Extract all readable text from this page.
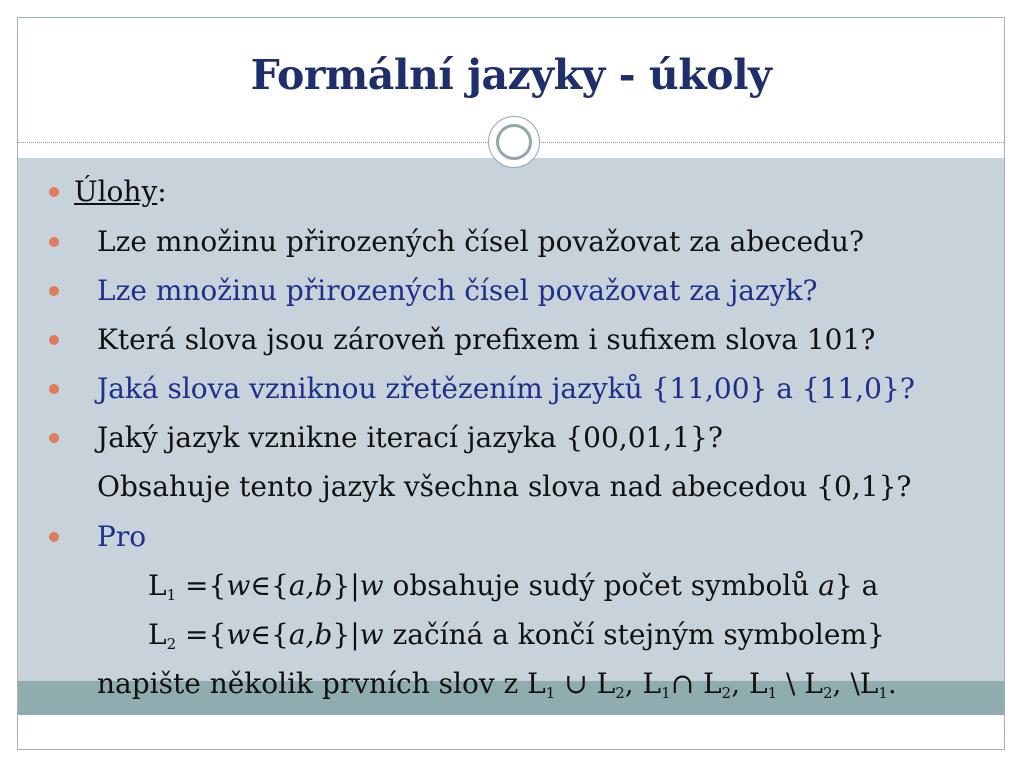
Formální jazyky - úkoly
Úlohy:
Lze množinu přirozených čísel považovat za abecedu?
Lze množinu přirozených čísel považovat za jazyk?
Která slova jsou zároveň prefixem i sufixem slova 101?
Jaká slova vzniknou zřetězením jazyků {11,00} a {11,0}?
Jaký jazyk vznikne iterací jazyka {00,01,1}?
Obsahuje tento jazyk všechna slova nad abecedou {0,1}?
Pro
$L_1$ ={w∈{a,b}|w obsahuje sudý počet symbolů a} a
$L_2$ ={w∈{a,b}|w začíná a končí stejným symbolem}
napište několik prvních slov z $L_1$ ∪ $L_2$, $L_1\cap$ $L_2$, $L_1$ \ $L_2$, $\backslash L_1$.
